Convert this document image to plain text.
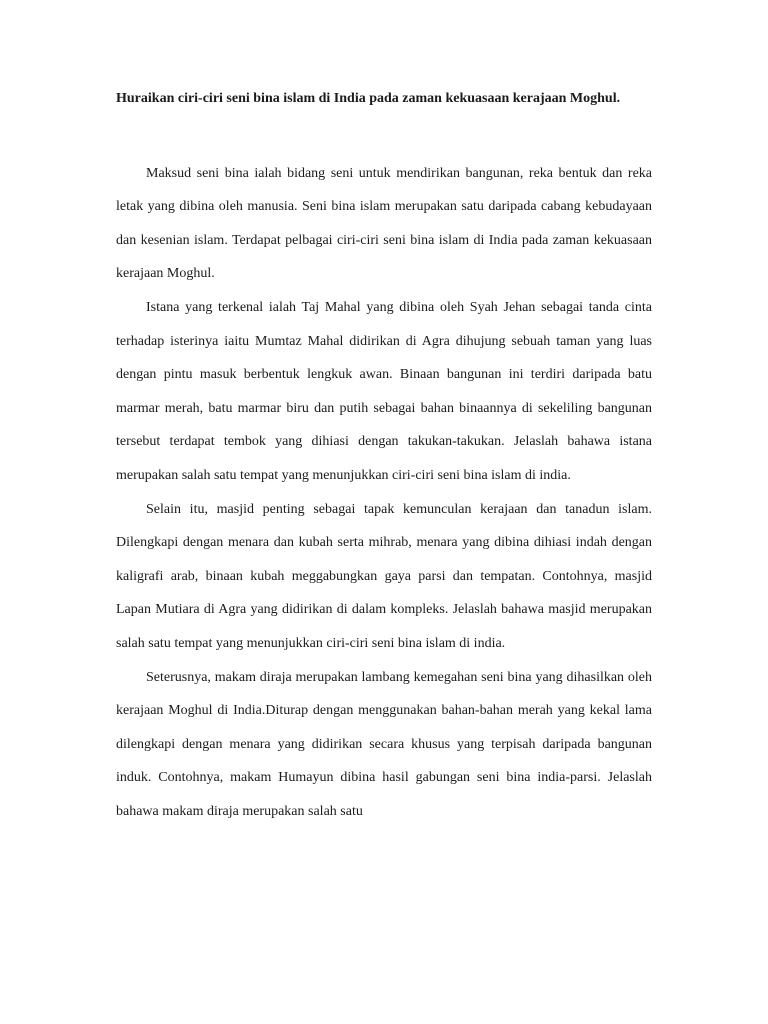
Huraikan ciri-ciri seni bina islam di India pada zaman kekuasaan kerajaan Moghul.

Maksud seni bina ialah bidang seni untuk mendirikan bangunan, reka bentuk dan reka letak yang dibina oleh manusia. Seni bina islam merupakan satu daripada cabang kebudayaan dan kesenian islam. Terdapat pelbagai ciri-ciri seni bina islam di India pada zaman kekuasaan kerajaan Moghul.

Istana yang terkenal ialah Taj Mahal yang dibina oleh Syah Jehan sebagai tanda cinta terhadap isterinya iaitu Mumtaz Mahal didirikan di Agra dihujung sebuah taman yang luas dengan pintu masuk berbentuk lengkuk awan. Binaan bangunan ini terdiri daripada batu marmar merah, batu marmar biru dan putih sebagai bahan binaannya di sekeliling bangunan tersebut terdapat tembok yang dihiasi dengan takukan-takukan. Jelaslah bahawa istana merupakan salah satu tempat yang menunjukkan ciri-ciri seni bina islam di india.

Selain itu, masjid penting sebagai tapak kemunculan kerajaan dan tanadun islam. Dilengkapi dengan menara dan kubah serta mihrab, menara yang dibina dihiasi indah dengan kaligrafi arab, binaan kubah meggabungkan gaya parsi dan tempatan. Contohnya, masjid Lapan Mutiara di Agra yang didirikan di dalam kompleks. Jelaslah bahawa masjid merupakan salah satu tempat yang menunjukkan ciri-ciri seni bina islam di india.

Seterusnya, makam diraja merupakan lambang kemegahan seni bina yang dihasilkan oleh kerajaan Moghul di India.Diturap dengan menggunakan bahan-bahan merah yang kekal lama dilengkapi dengan menara yang didirikan secara khusus yang terpisah daripada bangunan induk. Contohnya, makam Humayun dibina hasil gabungan seni bina india-parsi. Jelaslah bahawa makam diraja merupakan salah satu
